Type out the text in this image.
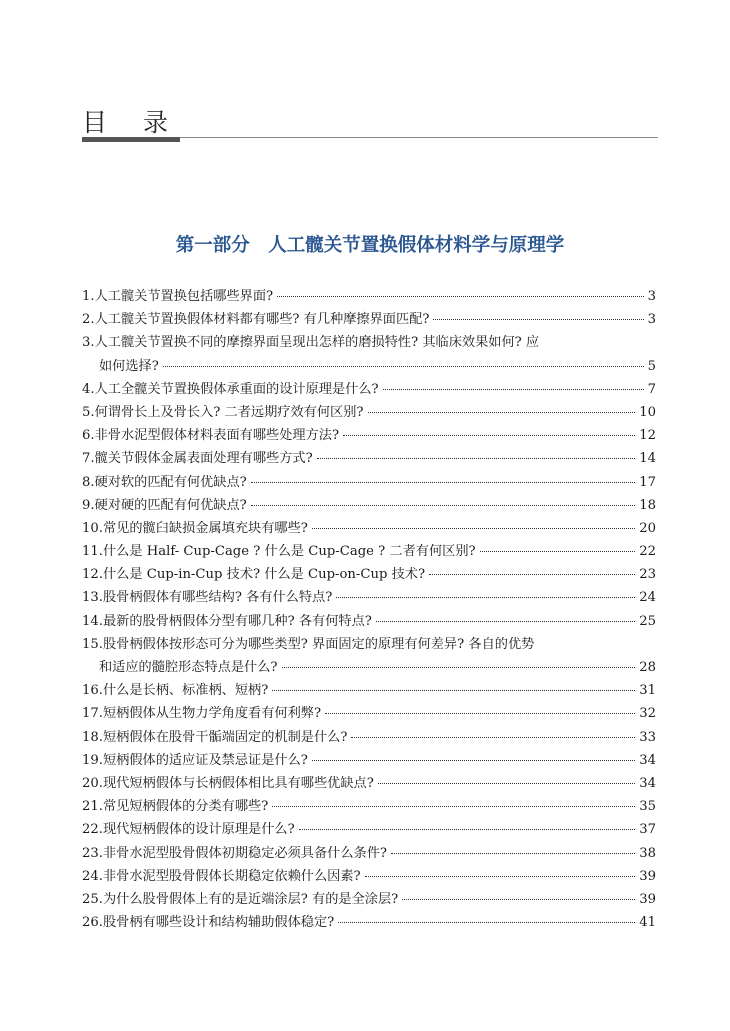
目 录
第一部分　人工髋关节置换假体材料学与原理学
1. 人工髋关节置换包括哪些界面?	3
2. 人工髋关节置换假体材料都有哪些? 有几种摩擦界面匹配?	3
3. 人工髋关节置换不同的摩擦界面呈现出怎样的磨损特性? 其临床效果如何? 应
如何选择?	5
4. 人工全髋关节置换假体承重面的设计原理是什么?	7
5. 何谓骨长上及骨长入? 二者远期疗效有何区别?	10
6. 非骨水泥型假体材料表面有哪些处理方法?	12
7. 髋关节假体金属表面处理有哪些方式?	14
8. 硬对软的匹配有何优缺点?	17
9. 硬对硬的匹配有何优缺点?	18
10. 常见的髋臼缺损金属填充块有哪些?	20
11. 什么是 Half- Cup-Cage ? 什么是 Cup-Cage ? 二者有何区别?	22
12. 什么是 Cup-in-Cup 技术? 什么是 Cup-on-Cup 技术?	23
13. 股骨柄假体有哪些结构? 各有什么特点?	24
14. 最新的股骨柄假体分型有哪几种? 各有何特点?	25
15. 股骨柄假体按形态可分为哪些类型? 界面固定的原理有何差异? 各自的优势
和适应的髓腔形态特点是什么?	28
16. 什么是长柄、标准柄、短柄?	31
17. 短柄假体从生物力学角度看有何利弊?	32
18. 短柄假体在股骨干骺端固定的机制是什么?	33
19. 短柄假体的适应证及禁忌证是什么?	34
20. 现代短柄假体与长柄假体相比具有哪些优缺点?	34
21. 常见短柄假体的分类有哪些?	35
22. 现代短柄假体的设计原理是什么?	37
23. 非骨水泥型股骨假体初期稳定必须具备什么条件?	38
24. 非骨水泥型股骨假体长期稳定依赖什么因素?	39
25. 为什么股骨假体上有的是近端涂层? 有的是全涂层?	39
26. 股骨柄有哪些设计和结构辅助假体稳定?	41
